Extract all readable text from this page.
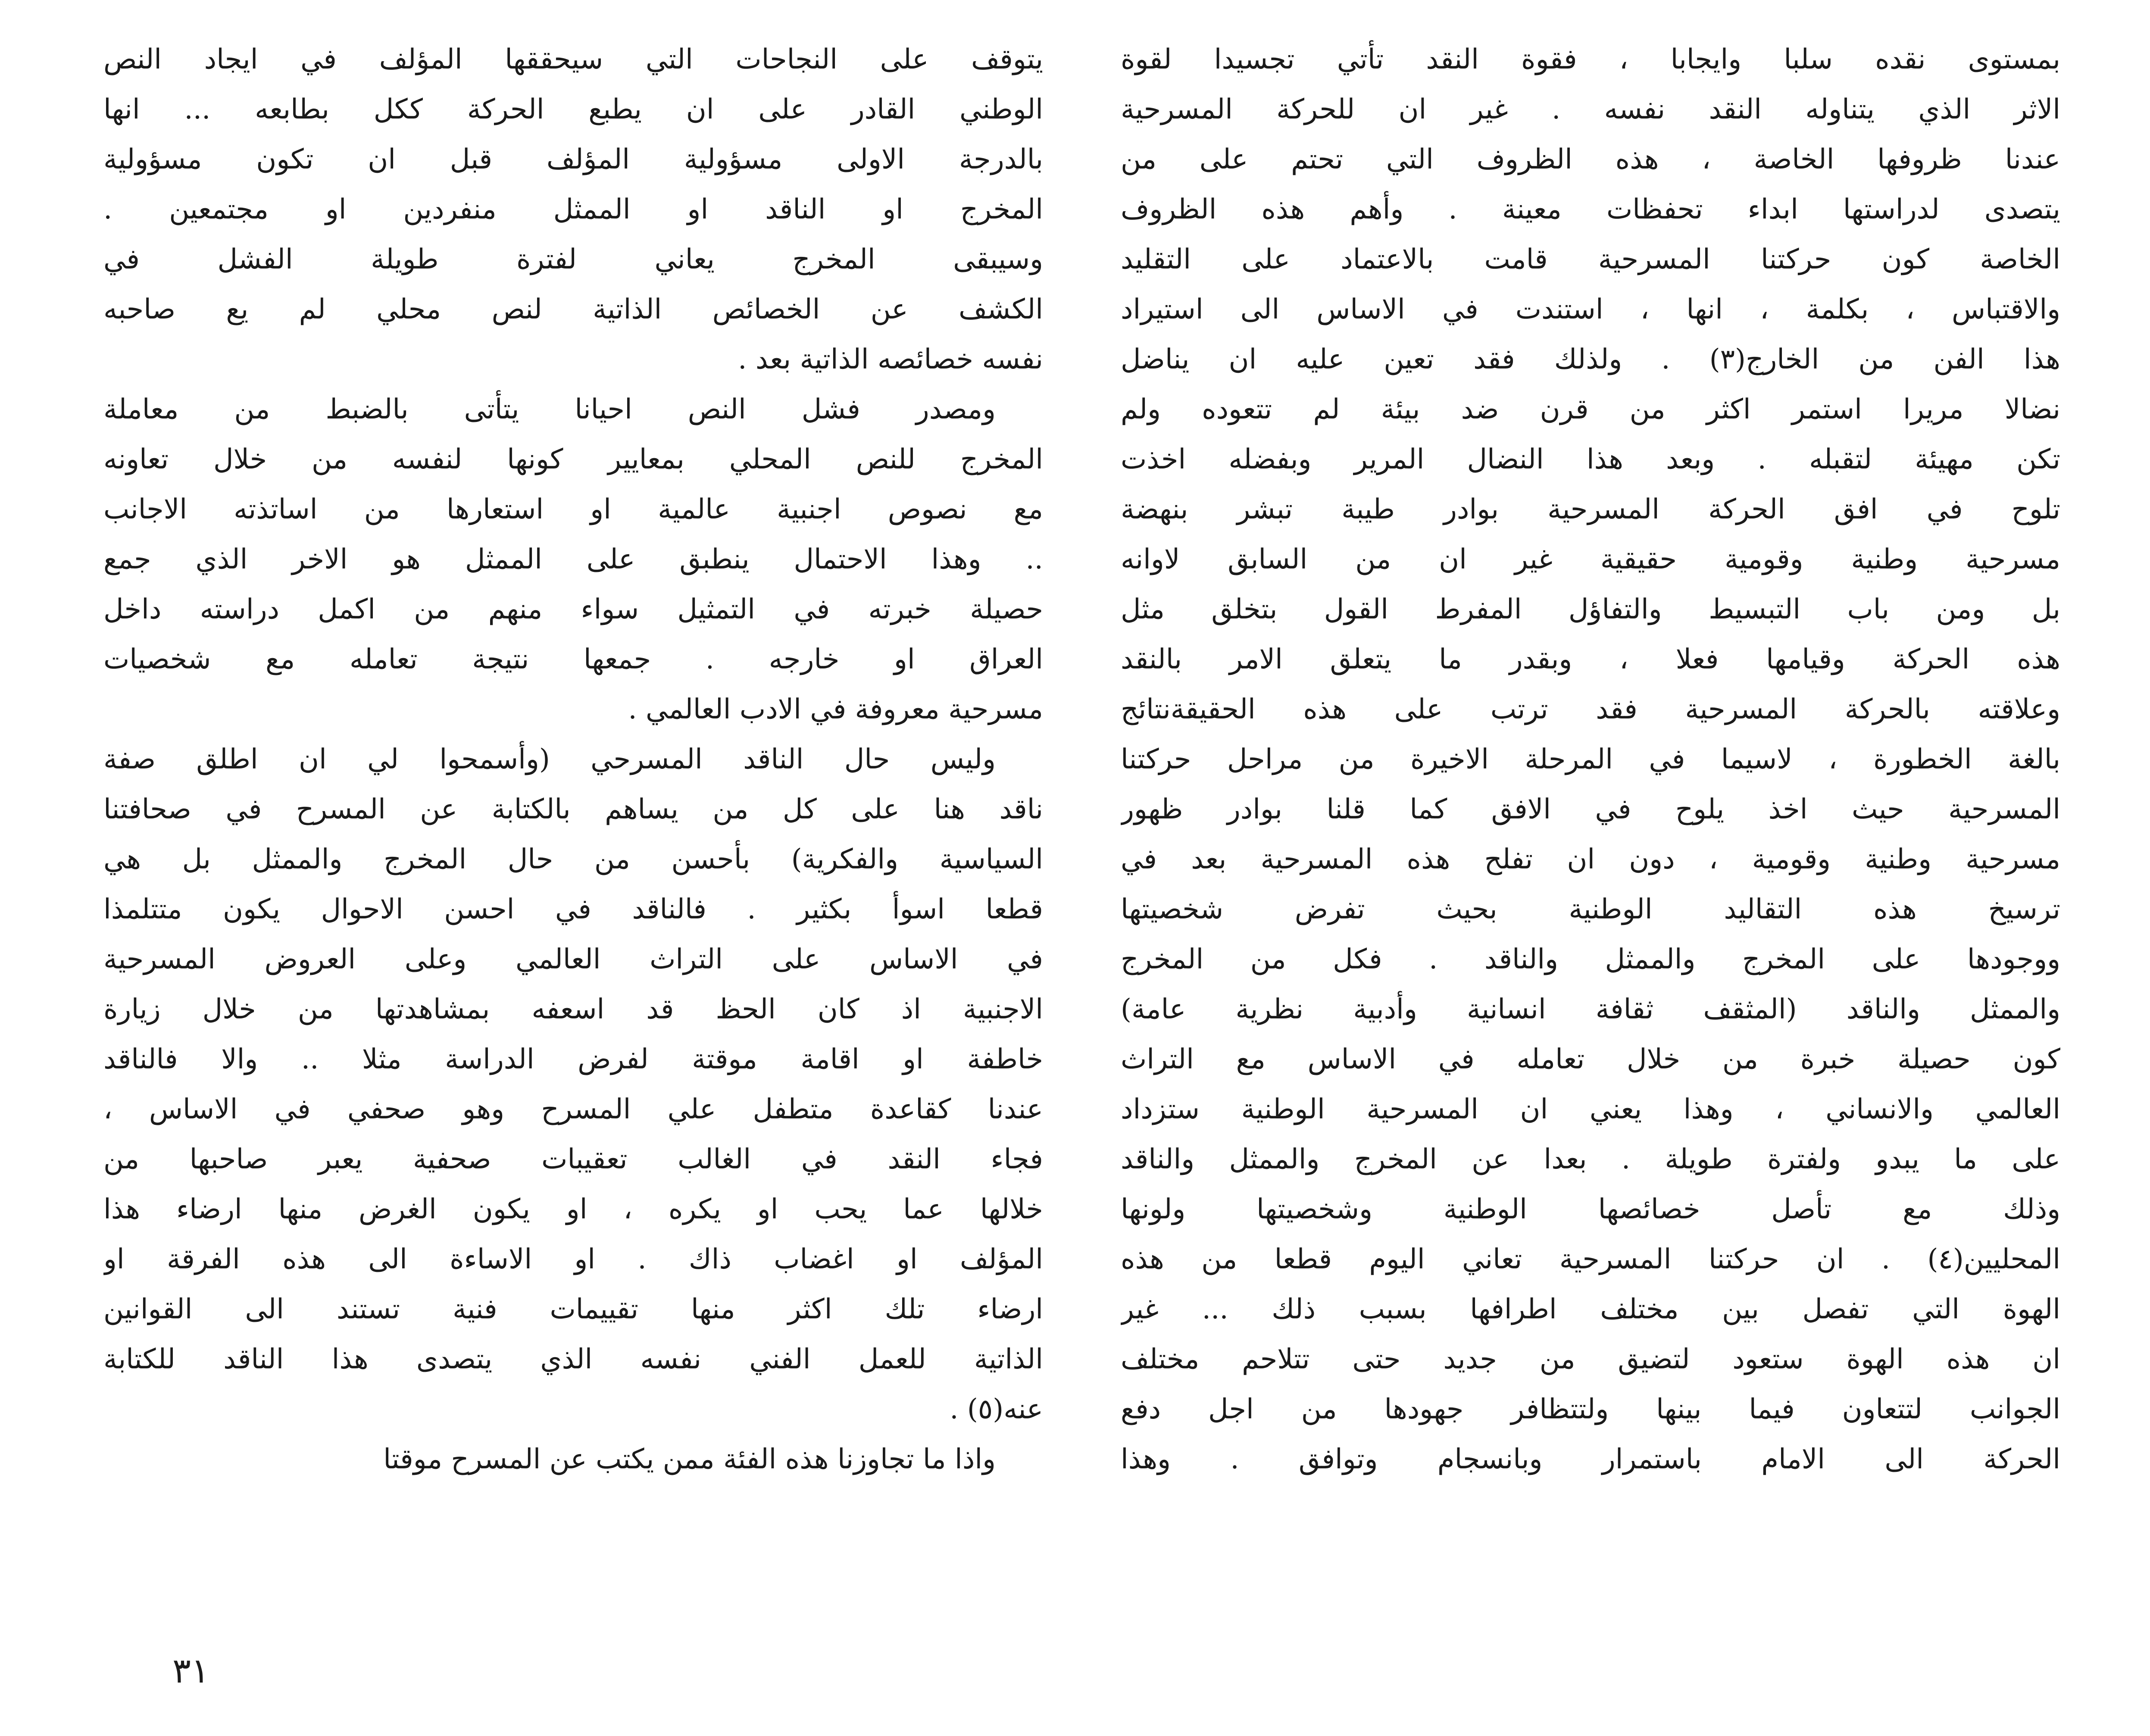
بمستوى نقده سلبا وايجابا ، فقوة النقد تأتي تجسيدا لقوة
الاثر الذي يتناوله النقد نفسه . غير ان للحركة المسرحية
عندنا ظروفها الخاصة ، هذه الظروف التي تحتم على من
يتصدى لدراستها ابداء تحفظات معينة . وأهم هذه الظروف
الخاصة كون حركتنا المسرحية قامت بالاعتماد على التقليد
والاقتباس ، بكلمة ، انها ، استندت في الاساس الى استيراد
هذا الفن من الخارج(٣) . ولذلك فقد تعين عليه ان يناضل
نضالا مريرا استمر اكثر من قرن ضد بيئة لم تتعوده ولم
تكن مهيئة لتقبله . وبعد هذا النضال المرير وبفضله اخذت
تلوح في افق الحركة المسرحية بوادر طيبة تبشر بنهضة
مسرحية وطنية وقومية حقيقية غير ان من السابق لاوانه
بل ومن باب التبسيط والتفاؤل المفرط القول بتخلق مثل
هذه الحركة وقيامها فعلا ، وبقدر ما يتعلق الامر بالنقد
وعلاقته بالحركة المسرحية فقد ترتب على هذه الحقيقةنتائج
بالغة الخطورة ، لاسيما في المرحلة الاخيرة من مراحل حركتنا
المسرحية حيث اخذ يلوح في الافق كما قلنا بوادر ظهور
مسرحية وطنية وقومية ، دون ان تفلح هذه المسرحية بعد في
ترسيخ هذه التقاليد الوطنية بحيث تفرض شخصيتها
ووجودها على المخرج والممثل والناقد . فكل من المخرج
والممثل والناقد (المثقف ثقافة انسانية وأدبية نظرية عامة)
كون حصيلة خبرة من خلال تعامله في الاساس مع التراث
العالمي والانساني ، وهذا يعني ان المسرحية الوطنية ستزداد
على ما يبدو ولفترة طويلة . بعدا عن المخرج والممثل والناقد
وذلك مع تأصل خصائصها الوطنية وشخصيتها ولونها
المحليين(٤) . ان حركتنا المسرحية تعاني اليوم قطعا من هذه
الهوة التي تفصل بين مختلف اطرافها بسبب ذلك ... غير
ان هذه الهوة ستعود لتضيق من جديد حتى تتلاحم مختلف
الجوانب لتتعاون فيما بينها ولتتظافر جهودها من اجل دفع
الحركة الى الامام باستمرار وبانسجام وتوافق . وهذا
يتوقف على النجاحات التي سيحققها المؤلف في ايجاد النص
الوطني القادر على ان يطبع الحركة ككل بطابعه ... انها
بالدرجة الاولى مسؤولية المؤلف قبل ان تكون مسؤولية
المخرج او الناقد او الممثل منفردين او مجتمعين .
وسيبقى المخرج يعاني لفترة طويلة الفشل في
الكشف عن الخصائص الذاتية لنص محلي لم يع صاحبه
نفسه خصائصه الذاتية بعد .
ومصدر فشل النص احيانا يتأتى بالضبط من معاملة
المخرج للنص المحلي بمعايير كونها لنفسه من خلال تعاونه
مع نصوص اجنبية عالمية او استعارها من اساتذته الاجانب
.. وهذا الاحتمال ينطبق على الممثل هو الاخر الذي جمع
حصيلة خبرته في التمثيل سواء منهم من اكمل دراسته داخل
العراق او خارجه . جمعها نتيجة تعامله مع شخصيات
مسرحية معروفة في الادب العالمي .
وليس حال الناقد المسرحي (وأسمحوا لي ان اطلق صفة
ناقد هنا على كل من يساهم بالكتابة عن المسرح في صحافتنا
السياسية والفكرية) بأحسن من حال المخرج والممثل بل هي
قطعا اسوأ بكثير . فالناقد في احسن الاحوال يكون متتلمذا
في الاساس على التراث العالمي وعلى العروض المسرحية
الاجنبية اذ كان الحظ قد اسعفه بمشاهدتها من خلال زيارة
خاطفة او اقامة موقتة لفرض الدراسة مثلا .. والا فالناقد
عندنا كقاعدة متطفل علي المسرح وهو صحفي في الاساس ،
فجاء النقد في الغالب تعقيبات صحفية يعبر صاحبها من
خلالها عما يحب او يكره ، او يكون الغرض منها ارضاء هذا
المؤلف او اغضاب ذاك . او الاساءة الى هذه الفرقة او
ارضاء تلك اكثر منها تقييمات فنية تستند الى القوانين
الذاتية للعمل الفني نفسه الذي يتصدى هذا الناقد للكتابة
عنه(٥) .
واذا ما تجاوزنا هذه الفئة ممن يكتب عن المسرح موقتا
٣١
